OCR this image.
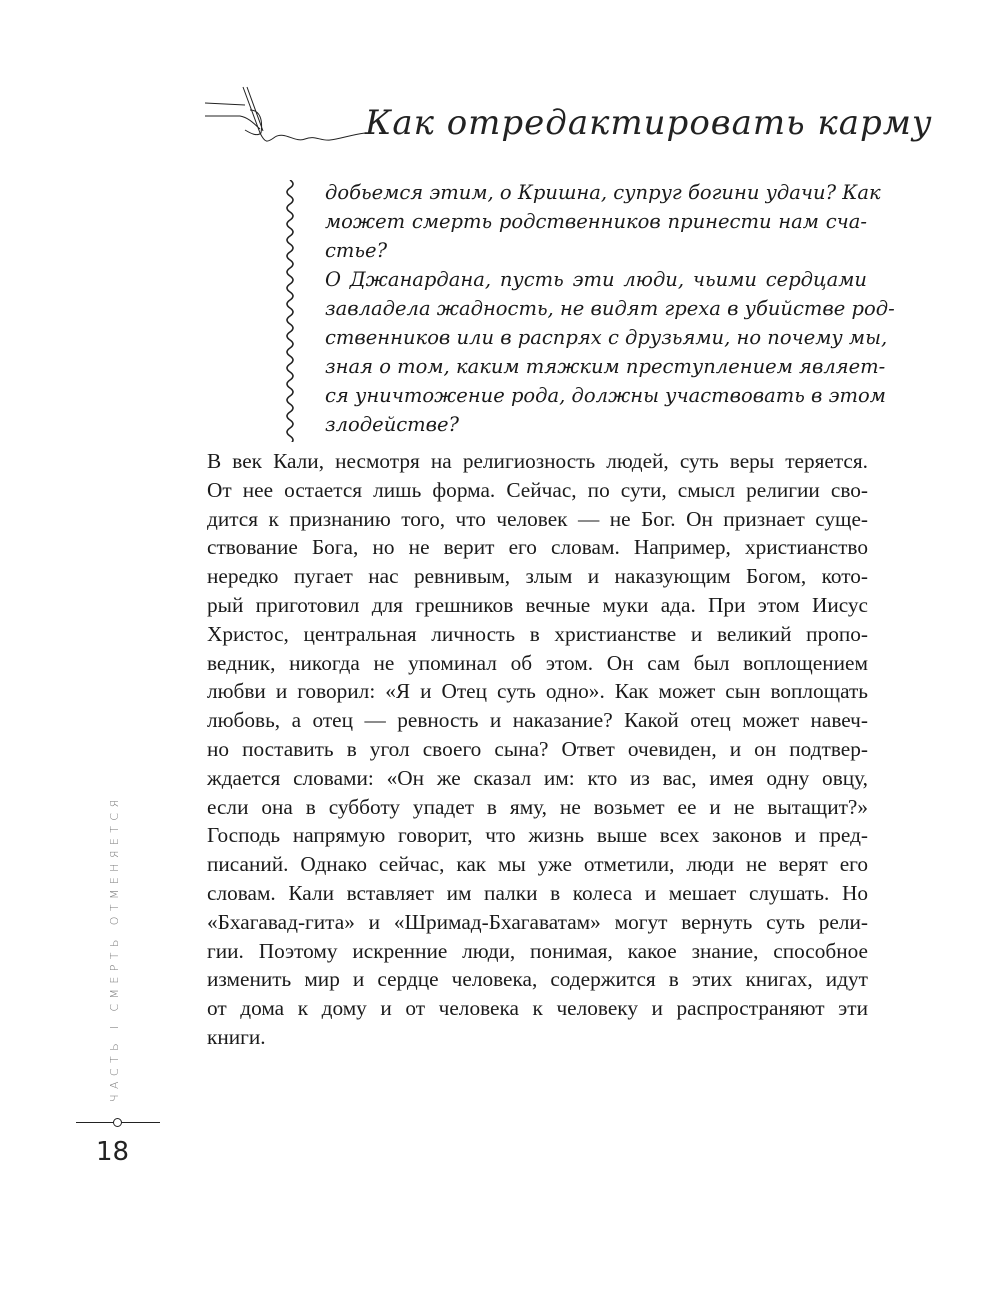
Как отредактировать карму
добьемся этим, о Кришна, супруг богини удачи? Как
может смерть родственников принести нам сча-
стье?
О Джанардана, пусть эти люди, чьими сердцами
завладела жадность, не видят греха в убийстве род-
ственников или в распрях с друзьями, но почему мы,
зная о том, каким тяжким преступлением являет-
ся уничтожение рода, должны участвовать в этом
злодействе?
В век Кали, несмотря на религиозность людей, суть веры теряется.
От нее остается лишь форма. Сейчас, по сути, смысл религии сво-
дится к признанию того, что человек — не Бог. Он признает суще-
ствование Бога, но не верит его словам. Например, христианство
нередко пугает нас ревнивым, злым и наказующим Богом, кото-
рый приготовил для грешников вечные муки ада. При этом Иисус
Христос, центральная личность в христианстве и великий пропо-
ведник, никогда не упоминал об этом. Он сам был воплощением
любви и говорил: «Я и Отец суть одно». Как может сын воплощать
любовь, а отец — ревность и наказание? Какой отец может навеч-
но поставить в угол своего сына? Ответ очевиден, и он подтвер-
ждается словами: «Он же сказал им: кто из вас, имея одну овцу,
если она в субботу упадет в яму, не возьмет ее и не вытащит?»
Господь напрямую говорит, что жизнь выше всех законов и пред-
писаний. Однако сейчас, как мы уже отметили, люди не верят его
словам. Кали вставляет им палки в колеса и мешает слушать. Но
«Бхагавад-гита» и «Шримад-Бхагаватам» могут вернуть суть рели-
гии. Поэтому искренние люди, понимая, какое знание, способное
изменить мир и сердце человека, содержится в этих книгах, идут
от дома к дому и от человека к человеку и распространяют эти
книги.
ЧАСТЬ I СМЕРТЬ ОТМЕНЯЕТСЯ
18
